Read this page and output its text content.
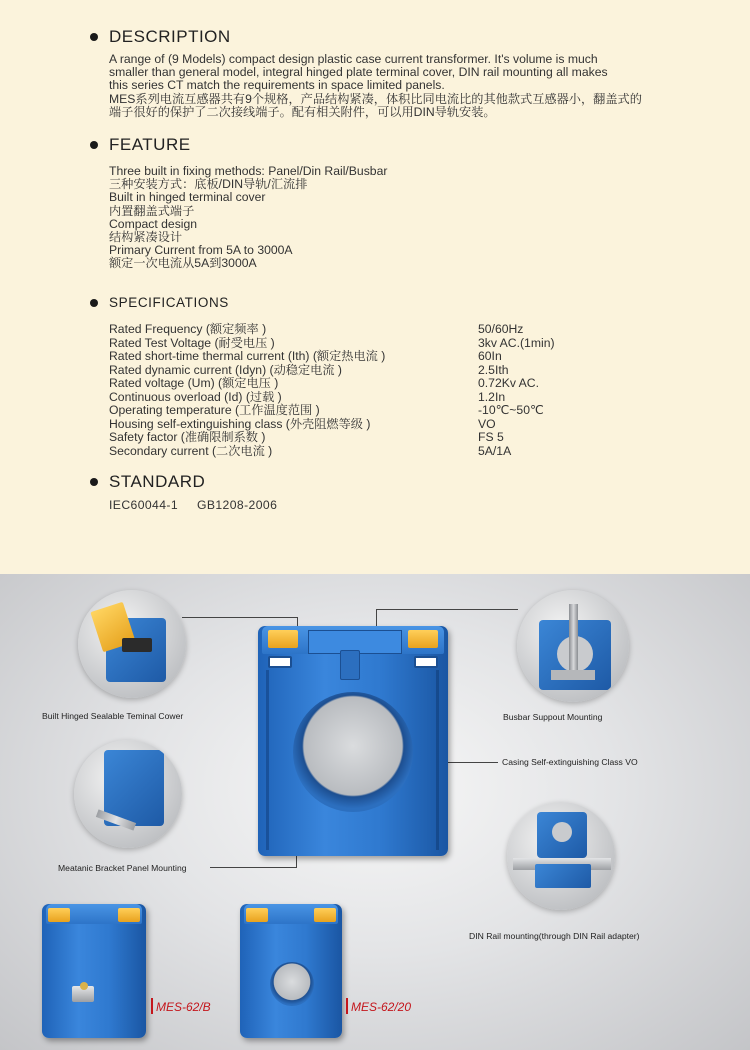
DESCRIPTION
A range of (9 Models) compact design plastic case current transformer. It's volume is much
smaller than general model, integral hinged plate terminal cover, DIN rail mounting all makes
this series CT match the requirements in space limited panels.
MES系列电流互感器共有9个规格，产品结构紧凑，体积比同电流比的其他款式互感器小，翻盖式的
端子很好的保护了二次接线端子。配有相关附件，可以用DIN导轨安装。
FEATURE
Three built in fixing methods: Panel/Din Rail/Busbar
三种安装方式：底板/DIN导轨/汇流排
Built in hinged terminal cover
内置翻盖式端子
Compact design
结构紧凑设计
Primary Current from 5A to 3000A
额定一次电流从5A到3000A
SPECIFICATIONS
Rated Frequency (额定频率 )
Rated Test Voltage (耐受电压 )
Rated short-time thermal current (Ith) (额定热电流 )
Rated dynamic current (Idyn) (动稳定电流 )
Rated voltage (Um) (额定电压 )
Continuous overload (Id) (过载 )
Operating temperature (工作温度范围 )
Housing self-extinguishing class (外壳阻燃等级 )
Safety factor (准确限制系数 )
Secondary current (二次电流 )
50/60Hz
3kv AC.(1min)
60In
2.5Ith
0.72Kv AC.
1.2In
-10℃~50℃
VO
FS 5
5A/1A
STANDARD
IEC60044-1     GB1208-2006
Built Hinged Sealable Teminal Cower	Busbar Suppout Mounting
Meatanic Bracket Panel Mounting
DIN Rail mounting(through DIN Rail adapter)
Casing Self-extinguishing Class VO
MES-62/B	MES-62/20
